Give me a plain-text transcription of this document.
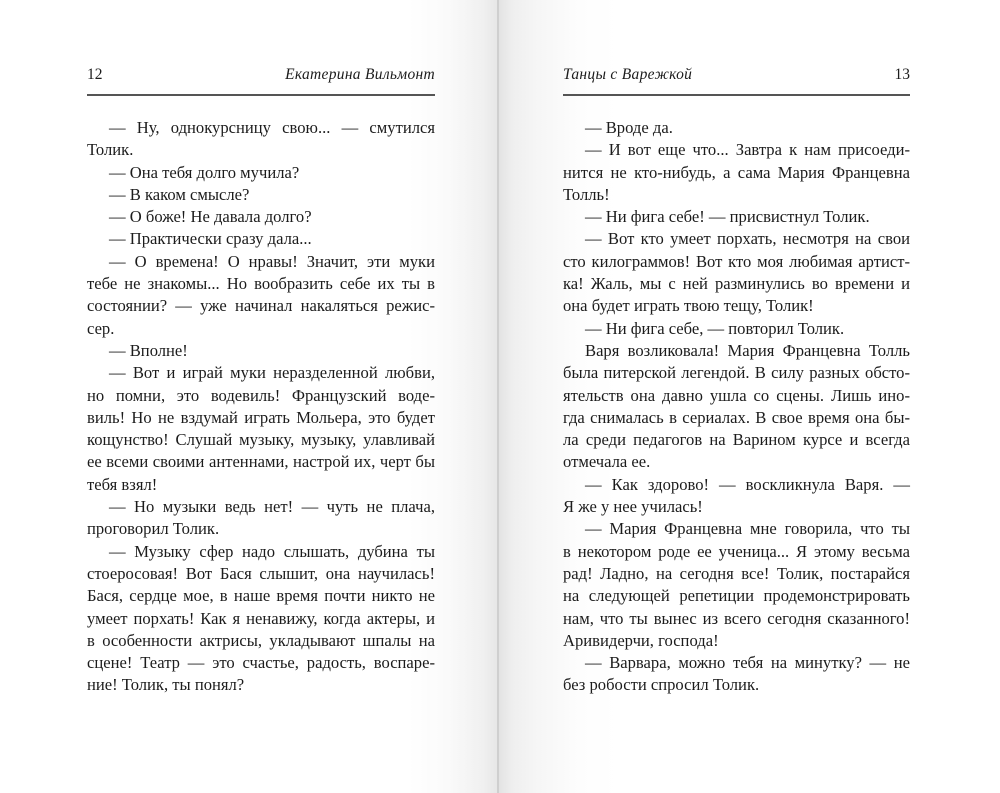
12	Екатерина Вильмонт
— Ну, однокурсницу свою... — смутился
Толик.
— Она тебя долго мучила?
— В каком смысле?
— О боже! Не давала долго?
— Практически сразу дала...
— О времена! О нравы! Значит, эти муки
тебе не знакомы... Но вообразить себе их ты в
состоянии? — уже начинал накаляться режис-
сер.
— Вполне!
— Вот и играй муки неразделенной любви,
но помни, это водевиль! Французский воде-
виль! Но не вздумай играть Мольера, это будет
кощунство! Слушай музыку, музыку, улавливай
ее всеми своими антеннами, настрой их, черт бы
тебя взял!
— Но музыки ведь нет! — чуть не плача,
проговорил Толик.
— Музыку сфер надо слышать, дубина ты
стоеросовая! Вот Бася слышит, она научилась!
Бася, сердце мое, в наше время почти никто не
умеет порхать! Как я ненавижу, когда актеры, и
в особенности актрисы, укладывают шпалы на
сцене! Театр — это счастье, радость, воспаре-
ние! Толик, ты понял?
Танцы с Варежкой	13
— Вроде да.
— И вот еще что... Завтра к нам присоеди-
нится не кто-нибудь, а сама Мария Францевна
Толль!
— Ни фига себе! — присвистнул Толик.
— Вот кто умеет порхать, несмотря на свои
сто килограммов! Вот кто моя любимая артист-
ка! Жаль, мы с ней разминулись во времени и
она будет играть твою тещу, Толик!
— Ни фига себе, — повторил Толик.
Варя возликовала! Мария Францевна Толль
была питерской легендой. В силу разных обсто-
ятельств она давно ушла со сцены. Лишь ино-
гда снималась в сериалах. В свое время она бы-
ла среди педагогов на Варином курсе и всегда
отмечала ее.
— Как здорово! — воскликнула Варя. —
Я же у нее училась!
— Мария Францевна мне говорила, что ты
в некотором роде ее ученица... Я этому весьма
рад! Ладно, на сегодня все! Толик, постарайся
на следующей репетиции продемонстрировать
нам, что ты вынес из всего сегодня сказанного!
Аривидерчи, господа!
— Варвара, можно тебя на минутку? — не
без робости спросил Толик.
